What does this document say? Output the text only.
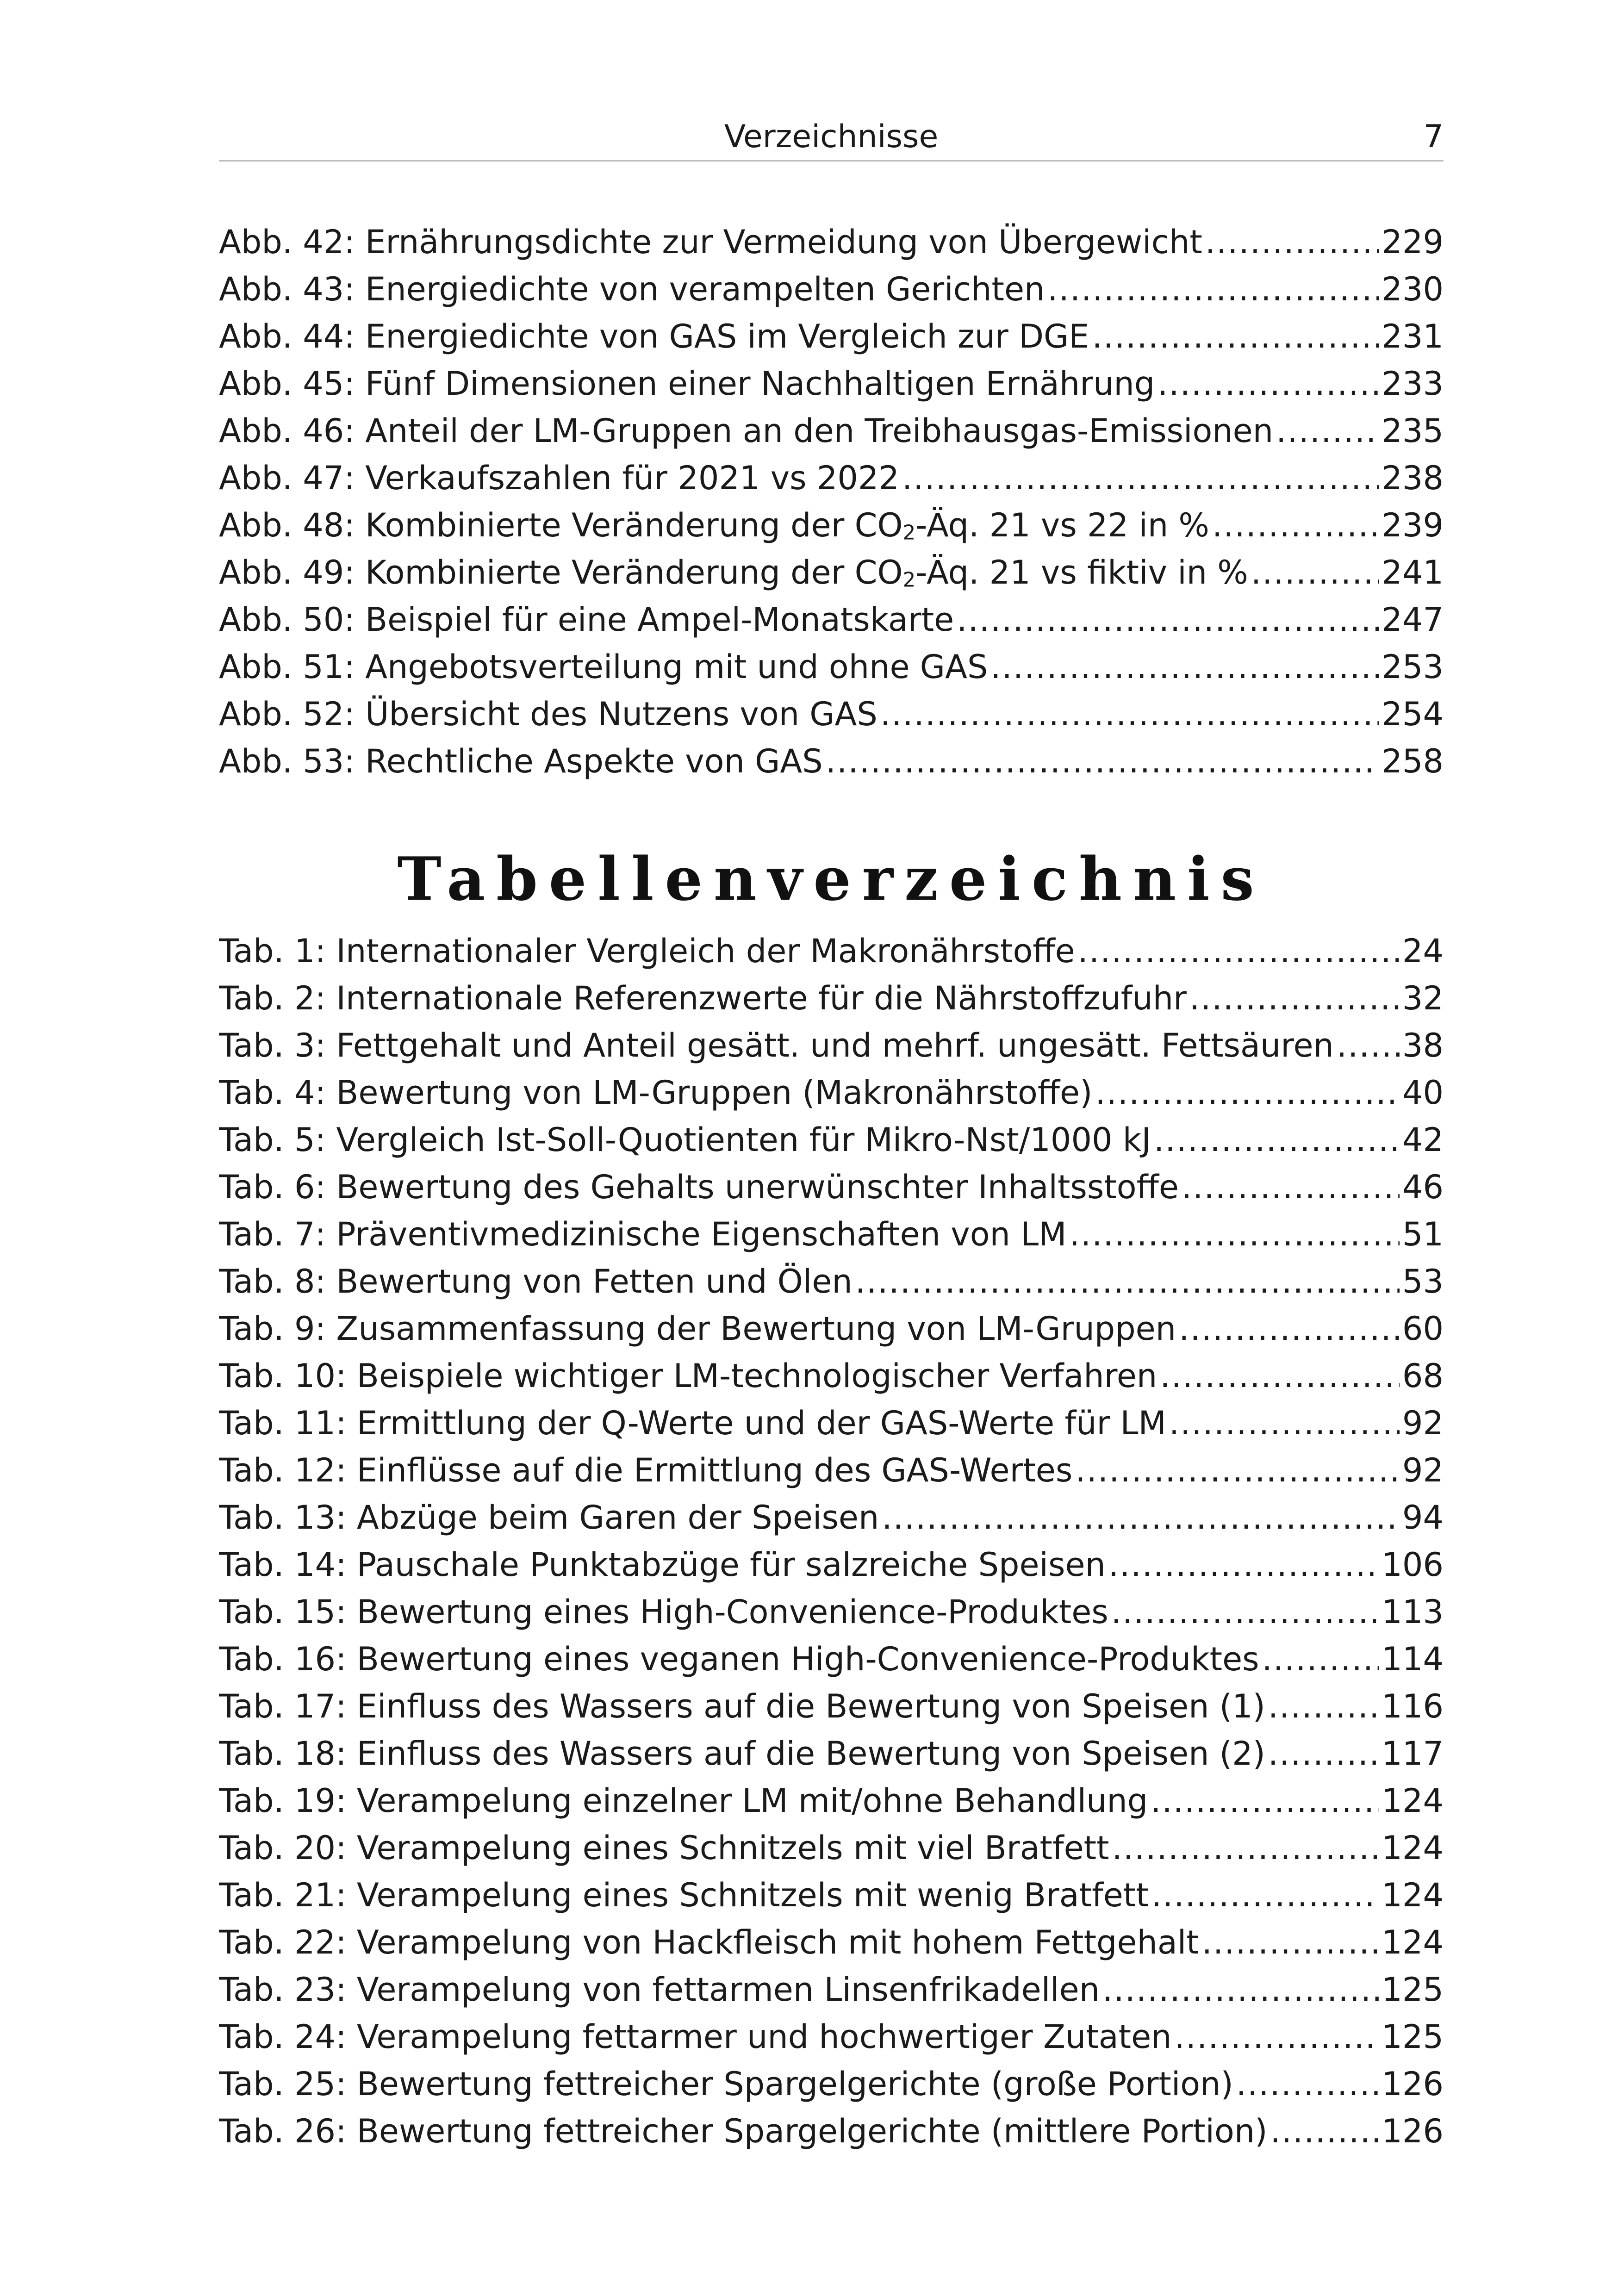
Verzeichnisse	7
Abb. 42: Ernährungsdichte zur Vermeidung von Übergewicht .....	229
Abb. 43: Energiedichte von verampelten Gerichten .....	230
Abb. 44: Energiedichte von GAS im Vergleich zur DGE .....	231
Abb. 45: Fünf Dimensionen einer Nachhaltigen Ernährung .....	233
Abb. 46: Anteil der LM-Gruppen an den Treibhausgas-Emissionen .....	235
Abb. 47: Verkaufszahlen für 2021 vs 2022 .....	238
Abb. 48: Kombinierte Veränderung der CO2-Äq. 21 vs 22 in % .....	239
Abb. 49: Kombinierte Veränderung der CO2-Äq. 21 vs fiktiv in % .....	241
Abb. 50: Beispiel für eine Ampel-Monatskarte .....	247
Abb. 51: Angebotsverteilung mit und ohne GAS .....	253
Abb. 52: Übersicht des Nutzens von GAS .....	254
Abb. 53: Rechtliche Aspekte von GAS .....	258
Tabellenverzeichnis
Tab. 1: Internationaler Vergleich der Makronährstoffe .....	24
Tab. 2: Internationale Referenzwerte für die Nährstoffzufuhr .....	32
Tab. 3: Fettgehalt und Anteil gesätt. und mehrf. ungesätt. Fettsäuren ..... 38
Tab. 4: Bewertung von LM-Gruppen (Makronährstoffe) .....	40
Tab. 5: Vergleich Ist-Soll-Quotienten für Mikro-Nst/1000 kJ .....	42
Tab. 6: Bewertung des Gehalts unerwünschter Inhaltsstoffe .....	46
Tab. 7: Präventivmedizinische Eigenschaften von LM .....	51
Tab. 8: Bewertung von Fetten und Ölen .....	53
Tab. 9: Zusammenfassung der Bewertung von LM-Gruppen .....	60
Tab. 10: Beispiele wichtiger LM-technologischer Verfahren .....	68
Tab. 11: Ermittlung der Q-Werte und der GAS-Werte für LM .....	92
Tab. 12: Einflüsse auf die Ermittlung des GAS-Wertes .....	92
Tab. 13: Abzüge beim Garen der Speisen .....	94
Tab. 14: Pauschale Punktabzüge für salzreiche Speisen .....	106
Tab. 15: Bewertung eines High-Convenience-Produktes .....	113
Tab. 16: Bewertung eines veganen High-Convenience-Produktes .....	114
Tab. 17: Einfluss des Wassers auf die Bewertung von Speisen (1) .....	116
Tab. 18: Einfluss des Wassers auf die Bewertung von Speisen (2) .....	117
Tab. 19: Verampelung einzelner LM mit/ohne Behandlung .....	124
Tab. 20: Verampelung eines Schnitzels mit viel Bratfett .....	124
Tab. 21: Verampelung eines Schnitzels mit wenig Bratfett .....	124
Tab. 22: Verampelung von Hackfleisch mit hohem Fettgehalt .....	124
Tab. 23: Verampelung von fettarmen Linsenfrikadellen .....	125
Tab. 24: Verampelung fettarmer und hochwertiger Zutaten .....	125
Tab. 25: Bewertung fettreicher Spargelgerichte (große Portion) .....	126
Tab. 26: Bewertung fettreicher Spargelgerichte (mittlere Portion) .....	126
